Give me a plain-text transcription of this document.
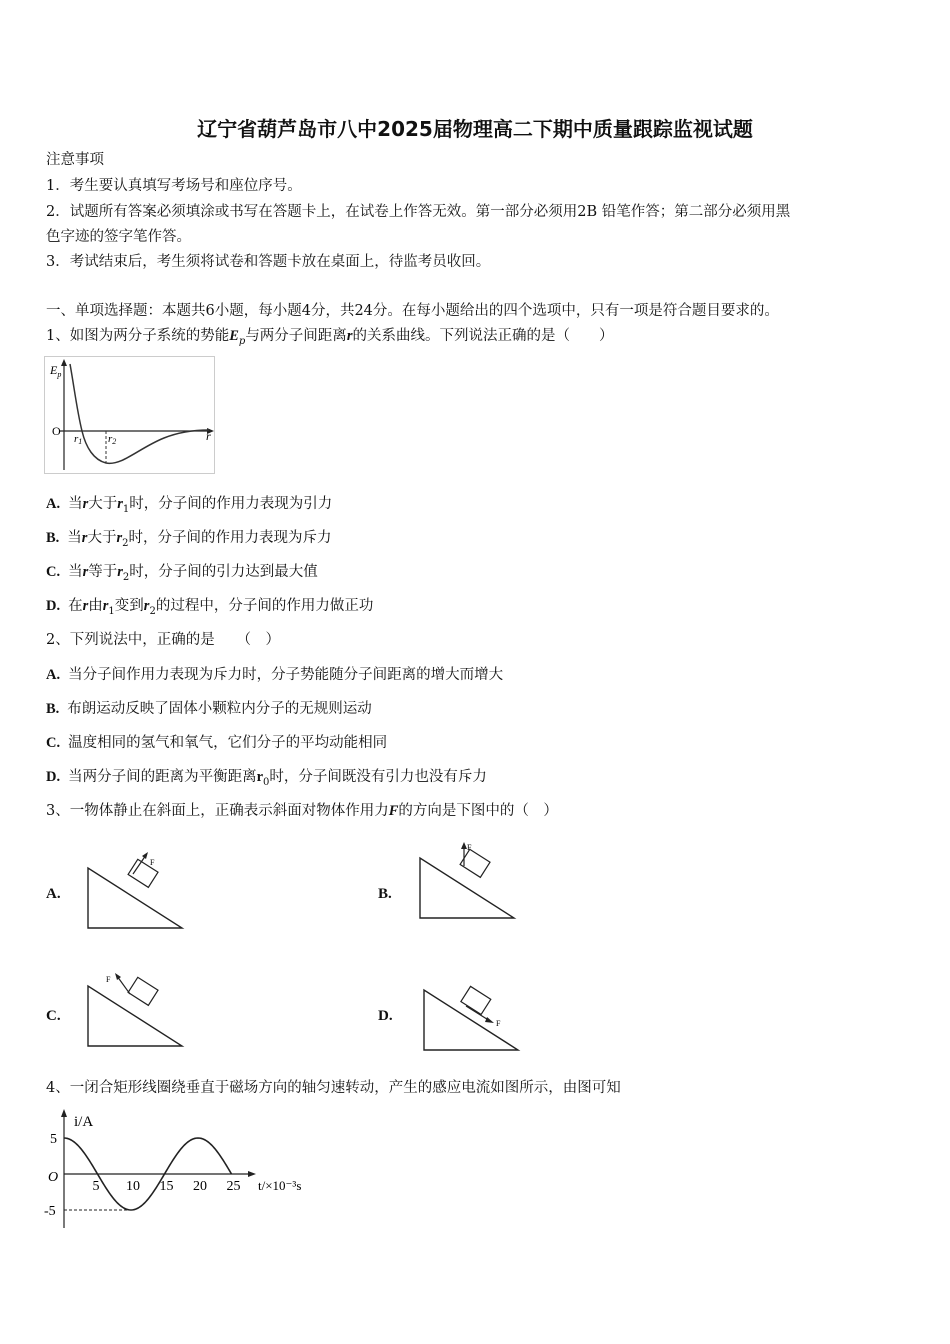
辽宁省葫芦岛市八中2025届物理高二下期中质量跟踪监视试题
注意事项
1．考生要认真填写考场号和座位序号。
2．试题所有答案必须填涂或书写在答题卡上，在试卷上作答无效。第一部分必须用2B 铅笔作答；第二部分必须用黑
色字迹的签字笔作答。
3．考试结束后，考生须将试卷和答题卡放在桌面上，待监考员收回。
一、单项选择题：本题共6小题，每小题4分，共24分。在每小题给出的四个选项中，只有一项是符合题目要求的。
1、如图为两分子系统的势能$E_p$与两分子间距离r的关系曲线。下列说法正确的是（　　）
$E_p$
O	r
r1 r2
A. 当r大于$r_1$时，分子间的作用力表现为引力
B. 当r大于$r_2$时，分子间的作用力表现为斥力
C. 当r等于$r_2$时，分子间的引力达到最大值
D. 在r由$r_1$变到$r_2$的过程中，分子间的作用力做正功
2、下列说法中，正确的是　　（　）
A. 当分子间作用力表现为斥力时，分子势能随分子间距离的增大而增大
B. 布朗运动反映了固体小颗粒内分子的无规则运动
C. 温度相同的氢气和氧气，它们分子的平均动能相同
D. 当两分子间的距离为平衡距离$r_0$时，分子间既没有引力也没有斥力
3、一物体静止在斜面上，正确表示斜面对物体作用力F的方向是下图中的（　）
A.
F
B.
F
C.
F
D.	F
4、一闭合矩形线圈绕垂直于磁场方向的轴匀速转动，产生的感应电流如图所示，由图可知
i/A
O
t/×10⁻³s
5 10 15 20 25
5
-5
